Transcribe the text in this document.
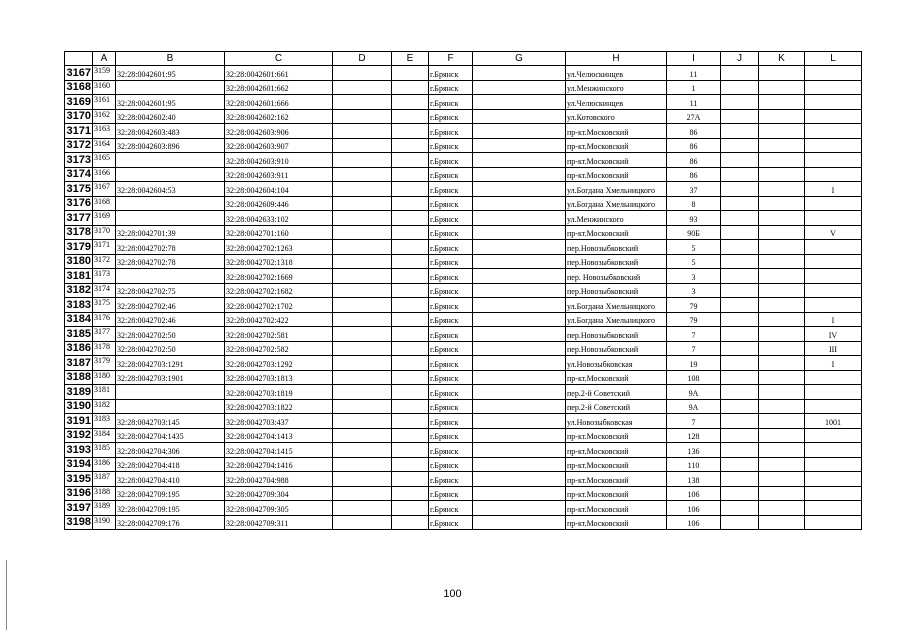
	A	B	C	D	E	F	G	H	I	J	K	L
3167	3159	32:28:0042601:95	32:28:0042601:661			г.Брянск		ул.Челюскинцев	11			
3168	3160		32:28:0042601:662			г.Брянск		ул.Менжинского	1			
3169	3161	32:28:0042601:95	32:28:0042601:666			г.Брянск		ул.Челюскинцев	11			
3170	3162	32:28:0042602:40	32:28:0042602:162			г.Брянск		ул.Котовского	27А			
3171	3163	32:28:0042603:483	32:28:0042603:906			г.Брянск		пр-кт.Московский	86			
3172	3164	32:28:0042603:896	32:28:0042603:907			г.Брянск		пр-кт.Московский	86			
3173	3165		32:28:0042603:910			г.Брянск		пр-кт.Московский	86			
3174	3166		32:28:0042603:911			г.Брянск		пр-кт.Московский	86			
3175	3167	32:28:0042604:53	32:28:0042604:104			г.Брянск		ул.Богдана Хмельницкого	37			I
3176	3168		32:28:0042609:446			г.Брянск		ул.Богдана Хмельницкого	8			
3177	3169		32:28:0042633:102			г.Брянск		ул.Менжинского	93			
3178	3170	32:28:0042701:39	32:28:0042701:160			г.Брянск		пр-кт.Московский	90Б			V
3179	3171	32:28:0042702:78	32:28:0042702:1263			г.Брянск		пер.Новозыбковский	5			
3180	3172	32:28:0042702:78	32:28:0042702:1318			г.Брянск		пер.Новозыбковский	5			
3181	3173		32:28:0042702:1669			г.Брянск		пер. Новозыбковский	3			
3182	3174	32:28:0042702:75	32:28:0042702:1682			г.Брянск		пер.Новозыбковский	3			
3183	3175	32:28:0042702:46	32:28:0042702:1702			г.Брянск		ул.Богдана Хмельницкого	79			
3184	3176	32:28:0042702:46	32:28:0042702:422			г.Брянск		ул.Богдана Хмельницкого	79			I
3185	3177	32:28:0042702:50	32:28:0042702:581			г.Брянск		пер.Новозыбковский	7			IV
3186	3178	32:28:0042702:50	32:28:0042702:582			г.Брянск		пер.Новозыбковский	7			III
3187	3179	32:28:0042703:1291	32:28:0042703:1292			г.Брянск		ул.Новозыбковская	19			I
3188	3180	32:28:0042703:1901	32:28:0042703:1813			г.Брянск		пр-кт.Московский	108			
3189	3181		32:28:0042703:1819			г.Брянск		пер.2-й Советский	9А			
3190	3182		32:28:0042703:1822			г.Брянск		пер.2-й Советский	9А			
3191	3183	32:28:0042703:145	32:28:0042703:437			г.Брянск		ул.Новозыбковская	7			1001
3192	3184	32:28:0042704:1435	32:28:0042704:1413			г.Брянск		пр-кт.Московский	128			
3193	3185	32:28:0042704:306	32:28:0042704:1415			г.Брянск		пр-кт.Московский	136			
3194	3186	32:28:0042704:418	32:28:0042704:1416			г.Брянск		пр-кт.Московский	110			
3195	3187	32:28:0042704:410	32:28:0042704:988			г.Брянск		пр-кт.Московский	138			
3196	3188	32:28:0042709:195	32:28:0042709:304			г.Брянск		пр-кт.Московский	106			
3197	3189	32:28:0042709:195	32:28:0042709:305			г.Брянск		пр-кт.Московский	106			
3198	3190	32:28:0042709:176	32:28:0042709:311			г.Брянск		пр-кт.Московский	106			
100
